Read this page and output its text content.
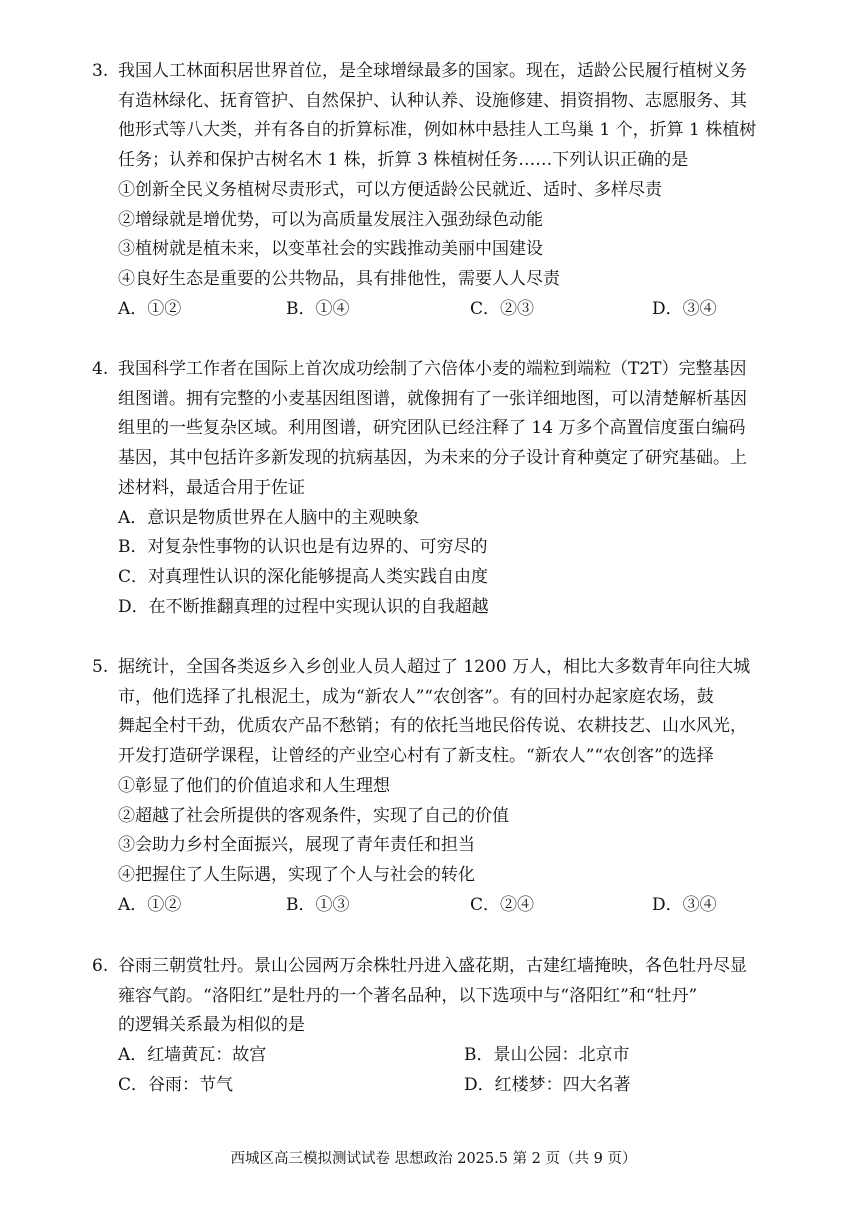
3. 我国人工林面积居世界首位，是全球增绿最多的国家。现在，适龄公民履行植树义务
有造林绿化、抚育管护、自然保护、认种认养、设施修建、捐资捐物、志愿服务、其
他形式等八大类，并有各自的折算标准，例如林中悬挂人工鸟巢 1 个，折算 1 株植树
任务；认养和保护古树名木 1 株，折算 3 株植树任务……下列认识正确的是
①创新全民义务植树尽责形式，可以方便适龄公民就近、适时、多样尽责
②增绿就是增优势，可以为高质量发展注入强劲绿色动能
③植树就是植未来，以变革社会的实践推动美丽中国建设
④良好生态是重要的公共物品，具有排他性，需要人人尽责
A．①②	B．①④	C．②③	D．③④
4. 我国科学工作者在国际上首次成功绘制了六倍体小麦的端粒到端粒（T2T）完整基因
组图谱。拥有完整的小麦基因组图谱，就像拥有了一张详细地图，可以清楚解析基因
组里的一些复杂区域。利用图谱，研究团队已经注释了 14 万多个高置信度蛋白编码
基因，其中包括许多新发现的抗病基因，为未来的分子设计育种奠定了研究基础。上
述材料，最适合用于佐证
A．意识是物质世界在人脑中的主观映象
B．对复杂性事物的认识也是有边界的、可穷尽的
C．对真理性认识的深化能够提高人类实践自由度
D．在不断推翻真理的过程中实现认识的自我超越
5. 据统计，全国各类返乡入乡创业人员人超过了 1200 万人，相比大多数青年向往大城
市，他们选择了扎根泥土，成为“新农人”“农创客”。有的回村办起家庭农场，鼓
舞起全村干劲，优质农产品不愁销；有的依托当地民俗传说、农耕技艺、山水风光，
开发打造研学课程，让曾经的产业空心村有了新支柱。“新农人”“农创客”的选择
①彰显了他们的价值追求和人生理想
②超越了社会所提供的客观条件，实现了自己的价值
③会助力乡村全面振兴，展现了青年责任和担当
④把握住了人生际遇，实现了个人与社会的转化
A．①②	B．①③	C．②④	D．③④
6. 谷雨三朝赏牡丹。景山公园两万余株牡丹进入盛花期，古建红墙掩映，各色牡丹尽显
雍容气韵。“洛阳红”是牡丹的一个著名品种，以下选项中与“洛阳红”和“牡丹”
的逻辑关系最为相似的是
A．红墙黄瓦：故宫	B．景山公园：北京市
C．谷雨：节气	D．红楼梦：四大名著
西城区高三模拟测试试卷 思想政治 2025.5 第 2 页（共 9 页）
